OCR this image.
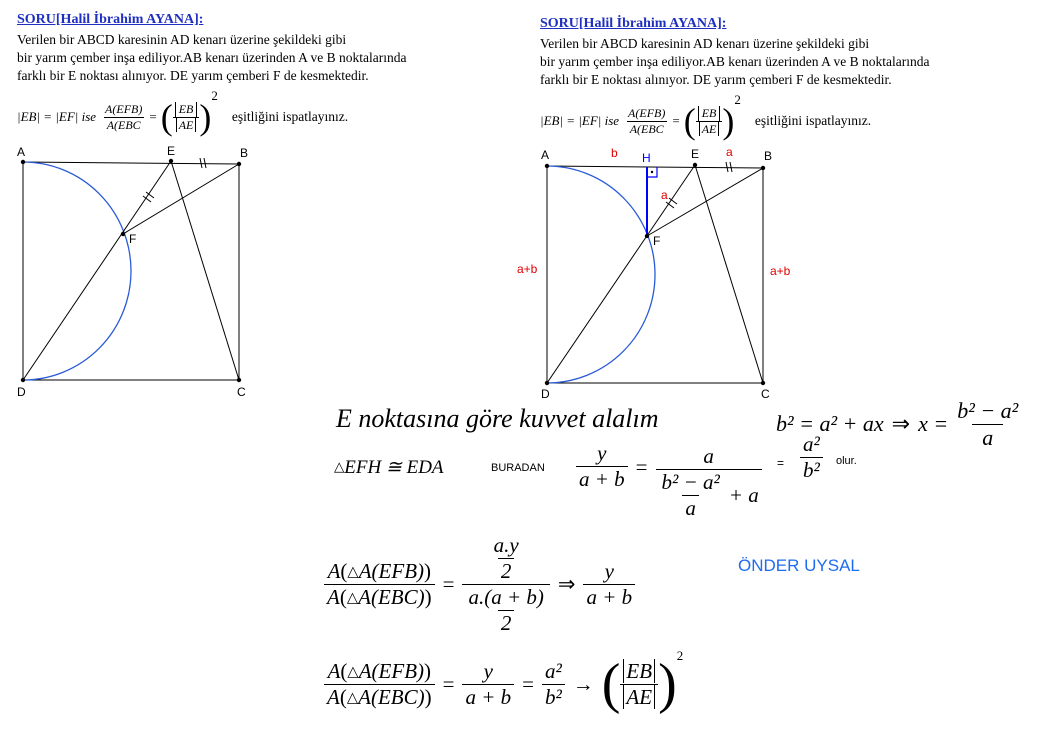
SORU[Halil İbrahim AYANA]:
Verilen bir ABCD karesinin AD kenarı üzerine şekildeki gibi
bir yarım çember inşa ediliyor.AB kenarı üzerinden A ve B noktalarında
farklı bir E noktası alınıyor. DE yarım çemberi F de kesmektedir.
|EB| = |EF| ise $\frac{\text{A(EFB)}}{\text{A(EBC}}$ = ( $\frac{EB}{AE}$ )
2
eşitliğini ispatlayınız.
SORU[Halil İbrahim AYANA]:
Verilen bir ABCD karesinin AD kenarı üzerine şekildeki gibi
bir yarım çember inşa ediliyor.AB kenarı üzerinden A ve B noktalarında
farklı bir E noktası alınıyor. DE yarım çemberi F de kesmektedir.
|EB| = |EF| ise $\frac{\text{A(EFB)}}{\text{A(EBC}}$ = ( $\frac{EB}{AE}$ )
2
eşitliğini ispatlayınız.
A	E	B
F
D	C
A	E	B
H
F
D	C
b	a
a
a+b	a+b
E noktasına göre kuvvet alalım	b² = a² + ax ⇒ $x = \frac{\text{b² − a²}}{a}$
△EFH ≅ EDA	BURADAN $\frac{y}{a + b} = \frac{a}{\frac{\text{b² − a²}}{a} + a} = \frac{\text{a²}}{\text{b²}}$ olur.
$\frac{\text{A(△A(EFB))}}{\text{A(△A(EBC))}} = \frac{\frac{a.y}{2}}{\frac{a.(a + b)}{2}}$ ⇒ $\frac{y}{a + b}$	ÖNDER UYSAL
$\frac{\text{A(△A(EFB))}}{\text{A(△A(EBC))}} = \frac{y}{a + b} = \frac{\text{a²}}{\text{b²}}$ → ( $\frac{EB}{AE}$ ) 2
